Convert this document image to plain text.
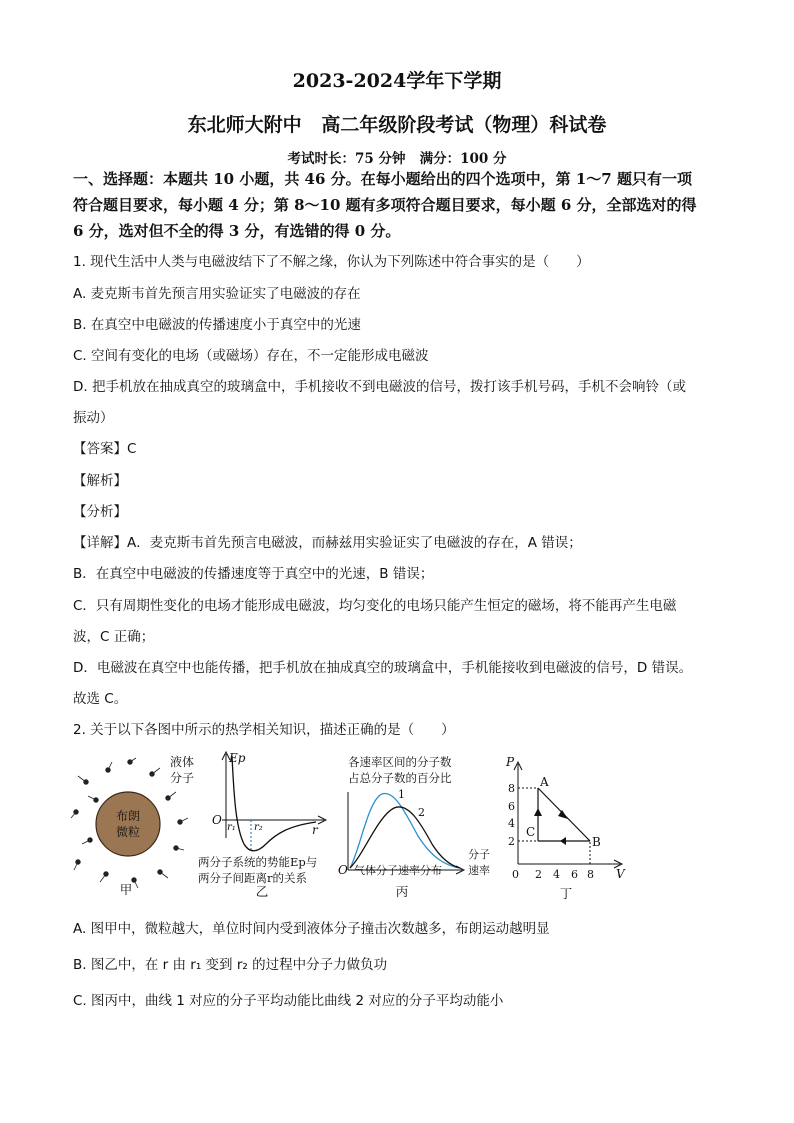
2023-2024学年下学期
东北师大附中   高二年级阶段考试（物理）科试卷
考试时长：75 分钟   满分：100 分
一、选择题：本题共 10 小题，共 46 分。在每小题给出的四个选项中，第 1～7 题只有一项
符合题目要求，每小题 4 分；第 8～10 题有多项符合题目要求，每小题 6 分，全部选对的得
6 分，选对但不全的得 3 分，有选错的得 0 分。
1. 现代生活中人类与电磁波结下了不解之缘，你认为下列陈述中符合事实的是（　　）
A. 麦克斯韦首先预言用实验证实了电磁波的存在
B. 在真空中电磁波的传播速度小于真空中的光速
C. 空间有变化的电场（或磁场）存在，不一定能形成电磁波
D. 把手机放在抽成真空的玻璃盒中，手机接收不到电磁波的信号，拨打该手机号码，手机不会响铃（或
振动）
【答案】C
【解析】
【分析】
【详解】A．麦克斯韦首先预言电磁波，而赫兹用实验证实了电磁波的存在，A 错误；
B．在真空中电磁波的传播速度等于真空中的光速，B 错误；
C．只有周期性变化的电场才能形成电磁波，均匀变化的电场只能产生恒定的磁场，将不能再产生电磁
波，C 正确；
D．电磁波在真空中也能传播，把手机放在抽成真空的玻璃盒中，手机能接收到电磁波的信号，D 错误。
故选 C。
2. 关于以下各图中所示的热学相关知识，描述正确的是（　　）
布朗
微粒
液体
分子
甲
Ep
O
r₁ r₂	r
两分子系统的势能Ep与
两分子间距离r的关系
乙
各速率区间的分子数
占总分子数的百分比
1
2
O 气体分子速率分布
分子
速率
丙
P
V
0
8
6
4
2
2 4 6 8
A
B
C
丁
A. 图甲中，微粒越大，单位时间内受到液体分子撞击次数越多，布朗运动越明显
B. 图乙中，在 r 由 r₁ 变到 r₂ 的过程中分子力做负功
C. 图丙中，曲线 1 对应的分子平均动能比曲线 2 对应的分子平均动能小
